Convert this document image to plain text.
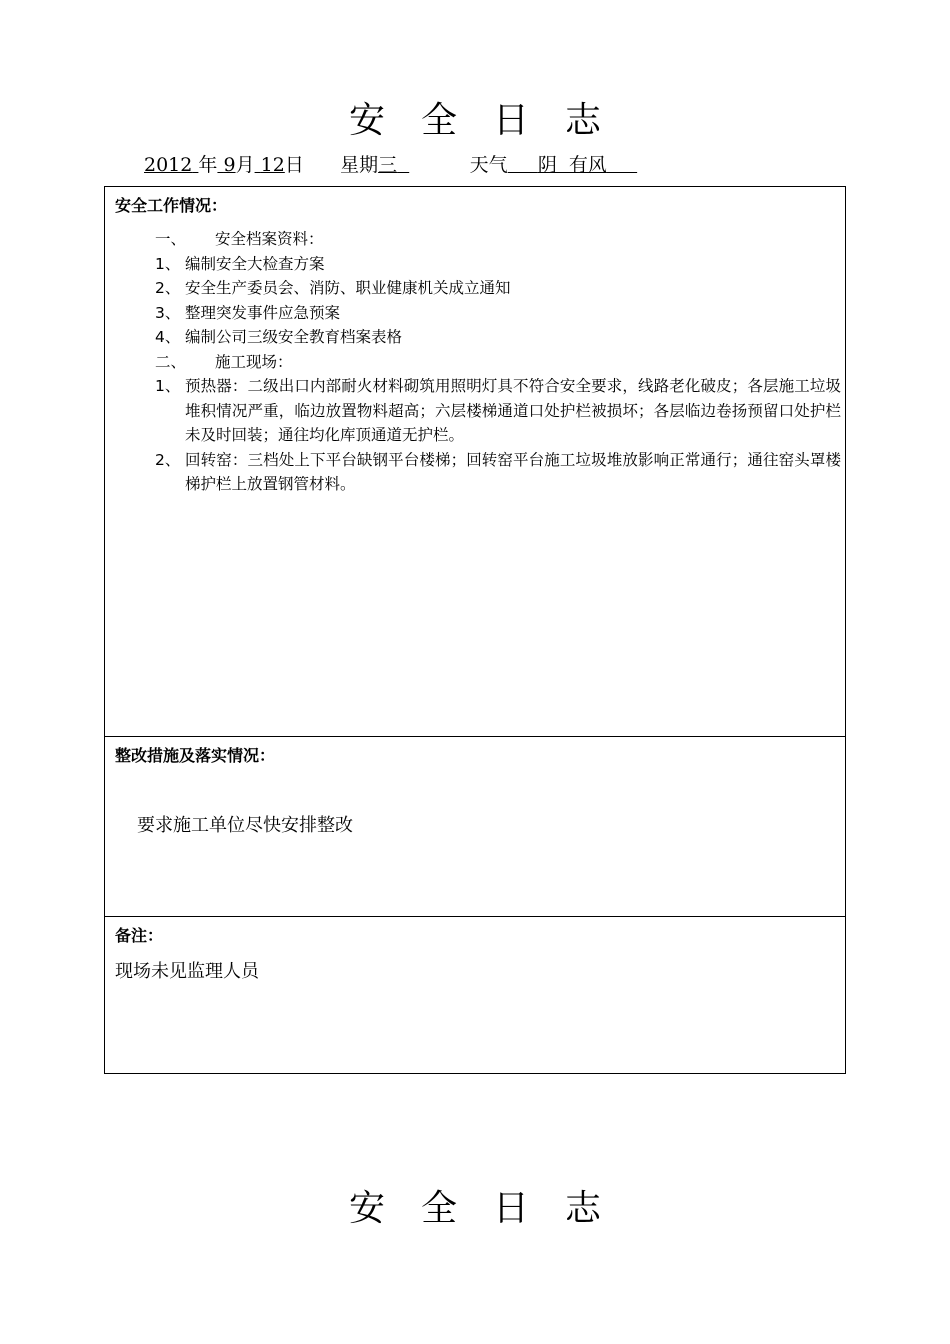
安 全 日 志
2012 年 9月 12日 星期三	天气 阴  有风
安全工作情况：
一、	安全档案资料：
1、 编制安全大检查方案
2、 安全生产委员会、消防、职业健康机关成立通知
3、 整理突发事件应急预案
4、 编制公司三级安全教育档案表格
二、	施工现场：
1、 预热器：二级出口内部耐火材料砌筑用照明灯具不符合安全要求，线路老化破皮；各层施工垃圾堆积情况严重，临边放置物料超高；六层楼梯通道口处护栏被损坏；各层临边卷扬预留口处护栏未及时回装；通往均化库顶通道无护栏。
2、 回转窑：三档处上下平台缺钢平台楼梯；回转窑平台施工垃圾堆放影响正常通行；通往窑头罩楼梯护栏上放置钢管材料。
整改措施及落实情况：
要求施工单位尽快安排整改
备注：
现场未见监理人员
安 全 日 志
